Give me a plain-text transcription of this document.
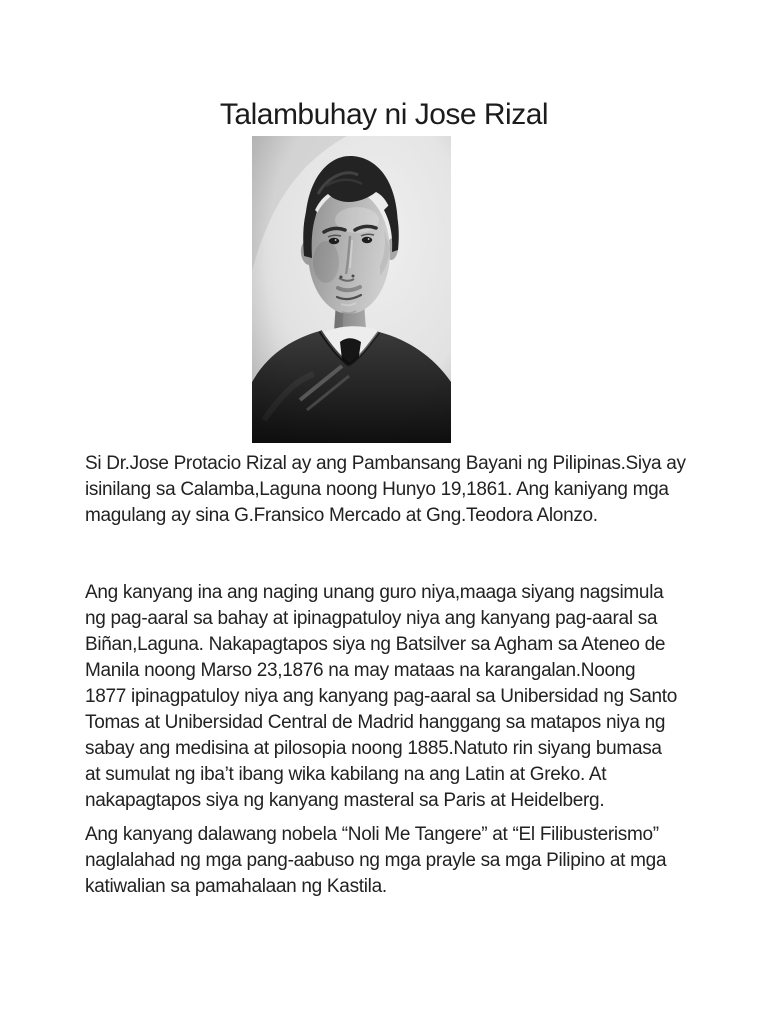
Talambuhay ni Jose Rizal
Si Dr.Jose Protacio Rizal ay ang Pambansang Bayani ng Pilipinas.Siya ay
isinilang sa Calamba,Laguna noong Hunyo 19,1861. Ang kaniyang mga
magulang ay sina G.Fransico Mercado at Gng.Teodora Alonzo.
Ang kanyang ina ang naging unang guro niya,maaga siyang nagsimula
ng pag-aaral sa bahay at ipinagpatuloy niya ang kanyang pag-aaral sa
Biñan,Laguna. Nakapagtapos siya ng Batsilver sa Agham sa Ateneo de
Manila noong Marso 23,1876 na may mataas na karangalan.Noong
1877 ipinagpatuloy niya ang kanyang pag-aaral sa Unibersidad ng Santo
Tomas at Unibersidad Central de Madrid hanggang sa matapos niya ng
sabay ang medisina at pilosopia noong 1885.Natuto rin siyang bumasa
at sumulat ng iba’t ibang wika kabilang na ang Latin at Greko. At
nakapagtapos siya ng kanyang masteral sa Paris at Heidelberg.
Ang kanyang dalawang nobela “Noli Me Tangere” at “El Filibusterismo”
naglalahad ng mga pang-aabuso ng mga prayle sa mga Pilipino at mga
katiwalian sa pamahalaan ng Kastila.
